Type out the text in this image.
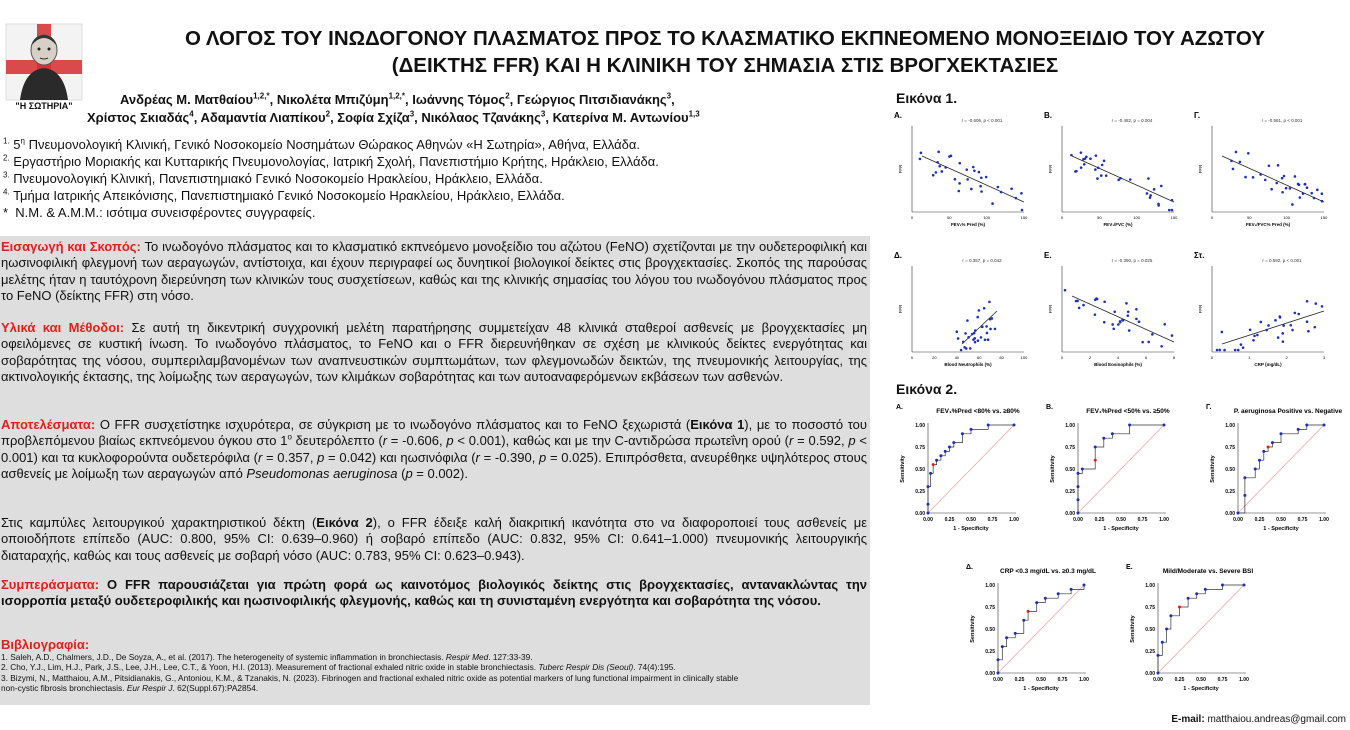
"Η ΣΩΤΗΡΙΑ"
Ο ΛΟΓΟΣ ΤΟΥ ΙΝΩΔΟΓΟΝΟΥ ΠΛΑΣΜΑΤΟΣ ΠΡΟΣ ΤΟ ΚΛΑΣΜΑΤΙΚΟ ΕΚΠΝΕΟΜΕΝΟ ΜΟΝΟΞΕΙΔΙΟ ΤΟΥ ΑΖΩΤΟΥ
(ΔΕΙΚΤΗΣ FFR) ΚΑΙ Η ΚΛΙΝΙΚΗ ΤΟΥ ΣΗΜΑΣΙΑ ΣΤΙΣ ΒΡΟΓΧΕΚΤΑΣΙΕΣ
Ανδρέας Μ. Ματθαίου$^{1,2,*}$, Νικολέτα Μπιζύμη$^{1,2,*}$, Ιωάννης Τόμος$^2$, Γεώργιος Πιτσιδιανάκης$^3$,
Χρίστος Σκιαδάς$^4$, Αδαμαντία Λιαπίκου$^2$, Σοφία Σχίζα$^3$, Νικόλαος Τζανάκης$^3$, Κατερίνα Μ. Αντωνίου$^{1,3}$
$^{1.}$ $5^\eta$ Πνευμονολογική Κλινική, Γενικό Νοσοκομείο Νοσημάτων Θώρακος Αθηνών «Η Σωτηρία», Αθήνα, Ελλάδα.
$^{2.}$ Εργαστήριο Μοριακής και Κυτταρικής Πνευμονολογίας, Ιατρική Σχολή, Πανεπιστήμιο Κρήτης, Ηράκλειο, Ελλάδα.
$^{3.}$ Πνευμονολογική Κλινική, Πανεπιστημιακό Γενικό Νοσοκομείο Ηρακλείου, Ηράκλειο, Ελλάδα.
$^{4.}$ Τμήμα Ιατρικής Απεικόνισης, Πανεπιστημιακό Γενικό Νοσοκομείο Ηρακλείου, Ηράκλειο, Ελλάδα.
* Ν.Μ. & Α.Μ.Μ.: ισότιμα συνεισφέροντες συγγραφείς.
Εισαγωγή και Σκοπός: Το ινωδογόνο πλάσματος και το κλασματικό εκπνεόμενο μονοξείδιο του αζώτου (FeNO) σχετίζονται με την ουδετεροφιλική και ηωσινοφιλική φλεγμονή των αεραγωγών, αντίστοιχα, και έχουν περιγραφεί ως δυνητικοί βιολογικοί δείκτες στις βρογχεκτασίες. Σκοπός της παρούσας μελέτης ήταν η ταυτόχρονη διερεύνηση των κλινικών τους συσχετίσεων, καθώς και της κλινικής σημασίας του λόγου του ινωδογόνου πλάσματος προς το FeNO (δείκτης FFR) στη νόσο.
Υλικά και Μέθοδοι: Σε αυτή τη δικεντρική συγχρονική μελέτη παρατήρησης συμμετείχαν 48 κλινικά σταθεροί ασθενείς με βρογχεκτασίες μη οφειλόμενες σε κυστική ίνωση. Το ινωδογόνο πλάσματος, το FeNO και ο FFR διερευνήθηκαν σε σχέση με κλινικούς δείκτες ενεργότητας και σοβαρότητας της νόσου, συμπεριλαμβανομένων των αναπνευστικών συμπτωμάτων, των φλεγμονωδών δεικτών, της πνευμονικής λειτουργίας, της ακτινολογικής έκτασης, της λοίμωξης των αεραγωγών, των κλιμάκων σοβαρότητας και των αυτοαναφερόμενων εκβάσεων των ασθενών.
Αποτελέσματα: Ο FFR συσχετίστηκε ισχυρότερα, σε σύγκριση με το ινωδογόνο πλάσματος και το FeNO ξεχωριστά (Εικόνα 1), με το ποσοστό του προβλεπόμενου βιαίως εκπνεόμενου όγκου στο $1^o$ δευτερόλεπτο (r = -0.606, p < 0.001), καθώς και με την C-αντιδρώσα πρωτεΐνη ορού (r = 0.592, p < 0.001) και τα κυκλοφορούντα ουδετερόφιλα (r = 0.357, p = 0.042) και ηωσινόφιλα (r = -0.390, p = 0.025). Επιπρόσθετα, ανευρέθηκε υψηλότερος στους ασθενείς με λοίμωξη των αεραγωγών από Pseudomonas aeruginosa (p = 0.002).
Στις καμπύλες λειτουργικού χαρακτηριστικού δέκτη (Εικόνα 2), ο FFR έδειξε καλή διακριτική ικανότητα στο να διαφοροποιεί τους ασθενείς με οποιοδήποτε επίπεδο (AUC: 0.800, 95% CI: 0.639–0.960) ή σοβαρό επίπεδο (AUC: 0.832, 95% CI: 0.641–1.000) πνευμονικής λειτουργικής διαταραχής, καθώς και τους ασθενείς με σοβαρή νόσο (AUC: 0.783, 95% CI: 0.623–0.943).
Συμπεράσματα: Ο FFR παρουσιάζεται για πρώτη φορά ως καινοτόμος βιολογικός δείκτης στις βρογχεκτασίες, αντανακλώντας την ισορροπία μεταξύ ουδετεροφιλικής και ηωσινοφιλικής φλεγμονής, καθώς και τη συνισταμένη ενεργότητα και σοβαρότητα της νόσου.
Βιβλιογραφία:
1. Saleh, A.D., Chalmers, J.D., De Soyza, A., et al. (2017). The heterogeneity of systemic inflammation in bronchiectasis. Respir Med. 127:33-39.
2. Cho, Y.J., Lim, H.J., Park, J.S., Lee, J.H., Lee, C.T., & Yoon, H.I. (2013). Measurement of fractional exhaled nitric oxide in stable bronchiectasis. Tuberc Respir Dis (Seoul). 74(4):195.
3. Bizymi, N., Matthaiou, A.M., Pitsidianakis, G., Antoniou, K.M., & Tzanakis, N. (2023). Fibrinogen and fractional exhaled nitric oxide as potential markers of lung functional impairment in clinically stable
non-cystic fibrosis bronchiectasis. Eur Respir J. 62(Suppl.67):PA2854.
Εικόνα 1.
Α.
r = -0.606, p < 0.001
FFR
0	50	100	150
FEV₁% Pred (%)
Β.
r = -0.482, p = 0.004
FFR
0	50	100	150
FEV₁/FVC (%)
Γ.
r = -0.561, p < 0.001
FFR
0	50	100	150
FEV₁/FVC% Pred (%)
Δ.
r = 0.357, p = 0.042
FFR
0	20	40	60	80	100
Blood Neutrophils (%)
Ε.
r = -0.390, p = 0.025
FFR
0	2	4	6	8
Blood Eosinophils (%)
Στ.
r = 0.592, p < 0.001
FFR
0	1	2	3
CRP (mg/dL)
Εικόνα 2.
Α.
FEV₁%Pred <80% vs. ≥80%
0.00
0.00
0.25
0.25
0.50
0.50
0.75
0.75
1.00
1.00
Sensitivity
1 - Specificity
Β.
FEV₁%Pred <50% vs. ≥50%
0.00
0.00
0.25
0.25
0.50
0.50
0.75
0.75
1.00
1.00
Sensitivity
1 - Specificity
Γ.
P. aeruginosa Positive vs. Negative
0.00
0.00
0.25
0.25
0.50
0.50
0.75
0.75
1.00
1.00
Sensitivity
1 - Specificity
Δ.
CRP <0.3 mg/dL vs. ≥0.3 mg/dL
0.00
0.00
0.25
0.25
0.50
0.50
0.75
0.75
1.00
1.00
Sensitivity
1 - Specificity
Ε.
Mild/Moderate vs. Severe BSI
0.00
0.00
0.25
0.25
0.50
0.50
0.75
0.75
1.00
1.00
Sensitivity
1 - Specificity
E-mail: matthaiou.andreas@gmail.com
